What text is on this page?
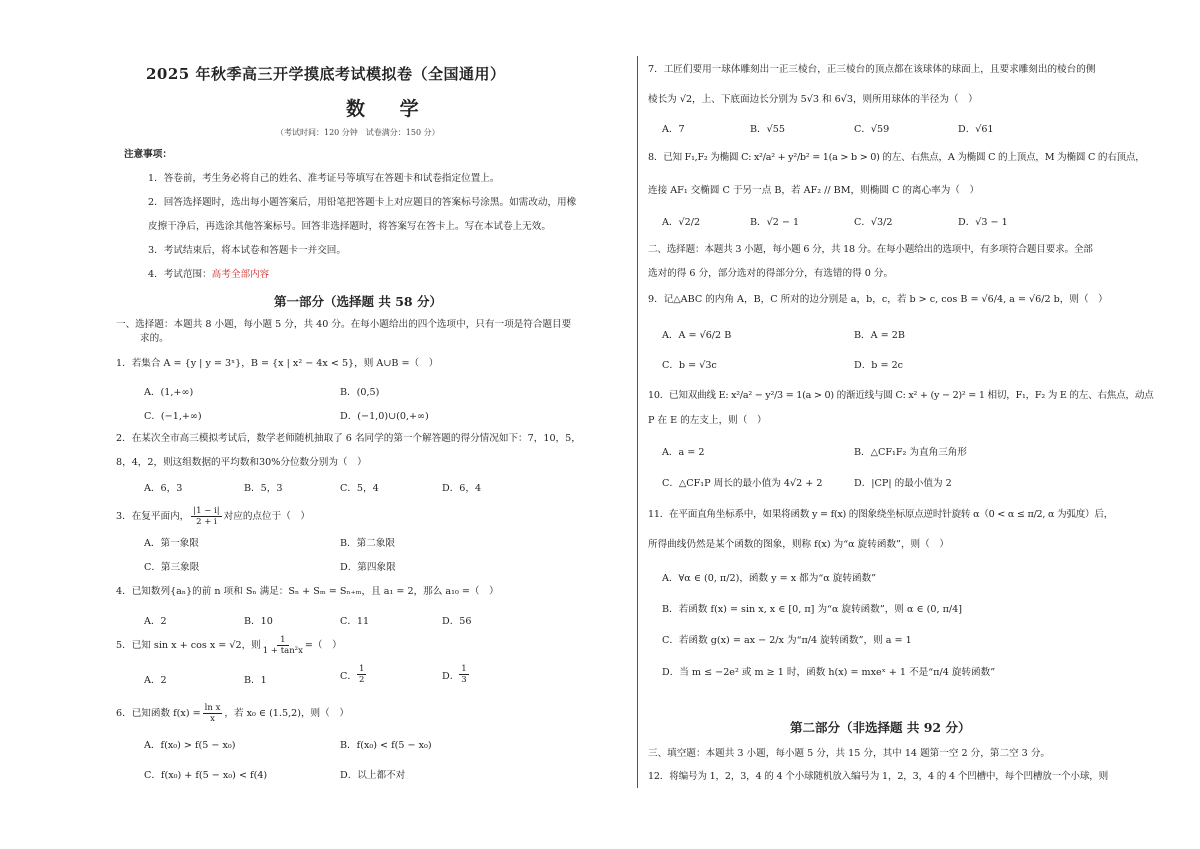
2025 年秋季高三开学摸底考试模拟卷（全国通用）
数 学
（考试时间：120 分钟　试卷满分：150 分）
注意事项：
1．答卷前，考生务必将自己的姓名、准考证号等填写在答题卡和试卷指定位置上。
2．回答选择题时，选出每小题答案后，用铅笔把答题卡上对应题目的答案标号涂黑。如需改动，用橡
皮擦干净后，再选涂其他答案标号。回答非选择题时，将答案写在答卡上。写在本试卷上无效。
3．考试结束后，将本试卷和答题卡一并交回。
4．考试范围：高考全部内容
第一部分（选择题 共 58 分）
一、选择题：本题共 8 小题，每小题 5 分，共 40 分。在每小题给出的四个选项中，只有一项是符合题目要
求的。
1．若集合 A = {y | y = 3ˣ}，B = {x | x² − 4x < 5}，则 A∪B =（　）
A．(1,+∞)	B．(0,5)
C．(−1,+∞)	D．(−1,0)∪(0,+∞)
2．在某次全市高三模拟考试后，数学老师随机抽取了 6 名同学的第一个解答题的得分情况如下：7，10，5，
8，4，2，则这组数据的平均数和30%分位数分别为（　）
A．6，3	B．5，3	C．5，4	D．6，4
3．在复平面内， |1 − i|
2 + i
对应的点位于（　）
A．第一象限	B．第二象限
C．第三象限	D．第四象限
4．已知数列{aₙ}的前 n 项和 Sₙ 满足：Sₙ + Sₘ = Sₙ₊ₘ，且 a₁ = 2，那么 a₁₀ =（　）
A．2	B．10	C．11	D．56
5．已知 sin x + cos x = √2，则 $\frac{1}{\text{1 + tan²x}}$ =（　）
A．2	B．1	C．
1
2	D．
1
3
6．已知函数 $f(x) = \frac{\text{ln x}}{x}$ ，若 x₀ ∈ (1.5,2)，则（　）
A．f(x₀) > f(5 − x₀)	B．f(x₀) < f(5 − x₀)
C．f(x₀) + f(5 − x₀) < f(4)	D．以上都不对
7．工匠们要用一球体雕刻出一正三棱台，正三棱台的顶点都在该球体的球面上，且要求雕刻出的棱台的侧
棱长为 √2，上、下底面边长分别为 5√3 和 6√3，则所用球体的半径为（　）
A．7	B．√55	C．√59	D．√61
8．已知 F₁,F₂ 为椭圆 C: x²/a² + y²/b² = 1(a > b > 0) 的左、右焦点，A 为椭圆 C 的上顶点，M 为椭圆 C 的右顶点，
连接 AF₁ 交椭圆 C 于另一点 B，若 AF₂ // BM，则椭圆 C 的离心率为（　）
A．√2/2	B．√2 − 1	C．√3/2	D．√3 − 1
二、选择题：本题共 3 小题，每小题 6 分，共 18 分。在每小题给出的选项中，有多项符合题目要求。全部
选对的得 6 分，部分选对的得部分分，有选错的得 0 分。
9．记△ABC 的内角 A，B，C 所对的边分别是 a，b，c，若 b > c, cos B = √6/4, a = √6/2 b，则（　）
A．A = √6/2 B	B．A = 2B
C．b = √3c	D．b = 2c
10．已知双曲线 E: x²/a² − y²/3 = 1(a > 0) 的渐近线与圆 C: x² + (y − 2)² = 1 相切，F₁，F₂ 为 E 的左、右焦点，动点
P 在 E 的左支上，则（　）
A．a = 2	B．△CF₁F₂ 为直角三角形
C．△CF₁P 周长的最小值为 4√2 + 2	D．|CP| 的最小值为 2
11．在平面直角坐标系中，如果将函数 y = f(x) 的图象绕坐标原点逆时针旋转 α（0 < α ≤ π/2, α 为弧度）后，
所得曲线仍然是某个函数的图象，则称 f(x) 为“α 旋转函数”，则（　）
A．∀α ∈ (0, π/2)，函数 y = x 都为“α 旋转函数”
B．若函数 f(x) = sin x, x ∈ [0, π] 为“α 旋转函数”，则 α ∈ (0, π/4]
C．若函数 g(x) = ax − 2/x 为“π/4 旋转函数”，则 a = 1
D．当 m ≤ −2e² 或 m ≥ 1 时，函数 h(x) = mxeˣ + 1 不是“π/4 旋转函数”
第二部分（非选择题 共 92 分）
三、填空题：本题共 3 小题，每小题 5 分，共 15 分，其中 14 题第一空 2 分，第二空 3 分。
12．将编号为 1，2，3，4 的 4 个小球随机放入编号为 1，2，3，4 的 4 个凹槽中，每个凹槽放一个小球，则
